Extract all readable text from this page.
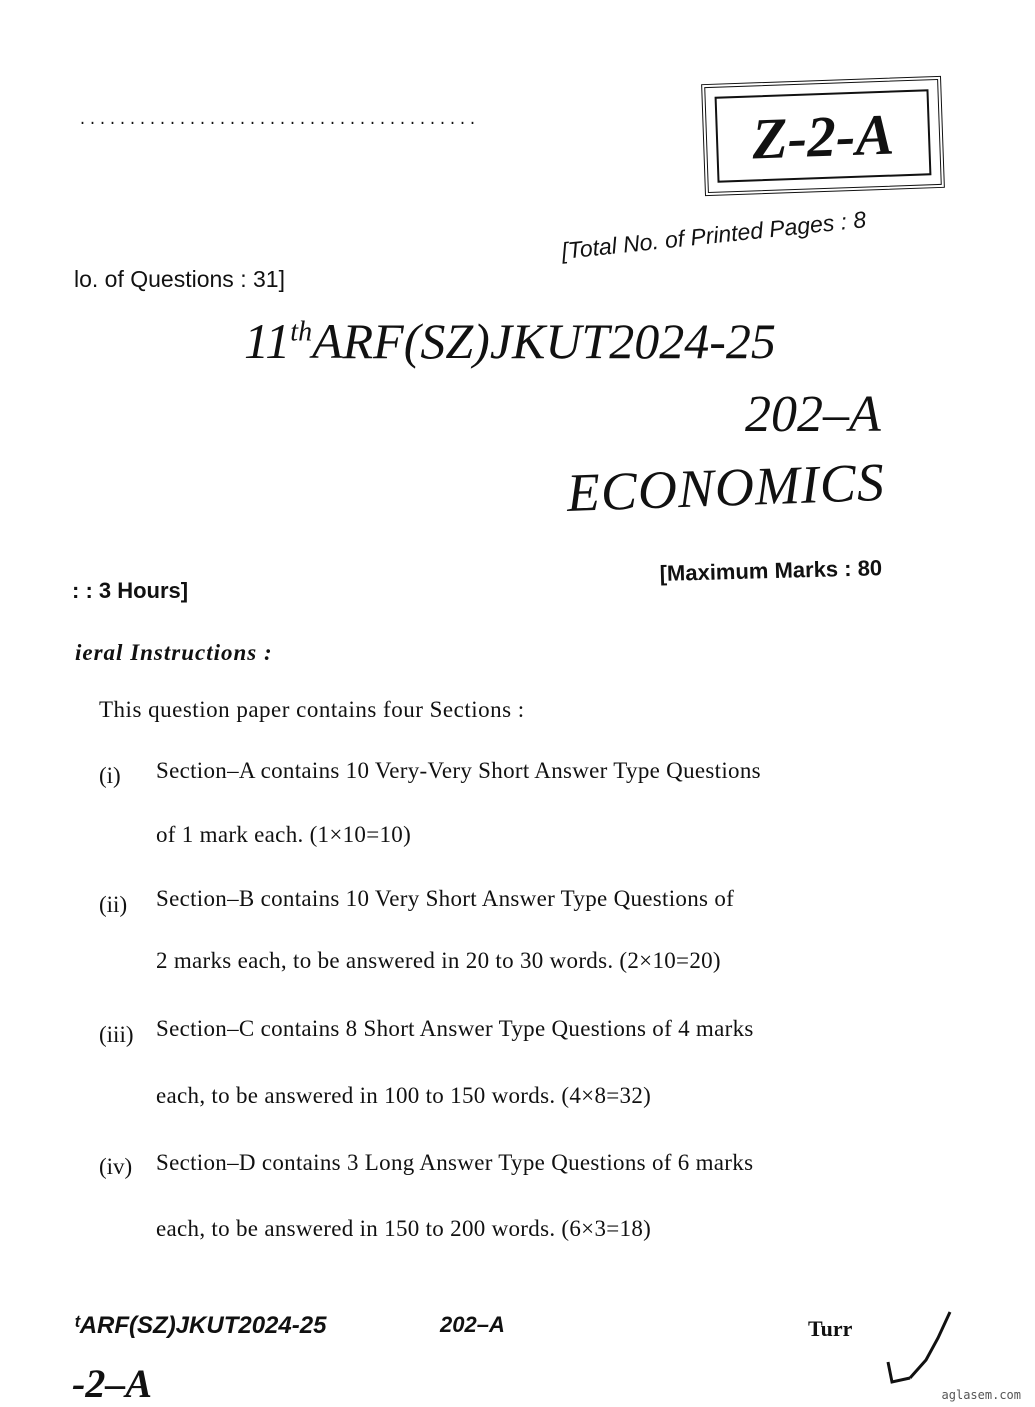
........................................	Z-2-A
lo. of Questions : 31]
[Total No. of Printed Pages : 8
11thARF(SZ)JKUT2024-25
202–A
ECONOMICS
: : 3 Hours]
[Maximum Marks : 80
ieral Instructions :
This question paper contains four Sections :
(i) Section–A contains 10 Very-Very Short Answer Type Questions
of 1 mark each. (1×10=10)
(ii) Section–B contains 10 Very Short Answer Type Questions of
2 marks each, to be answered in 20 to 30 words. (2×10=20)
(iii) Section–C contains 8 Short Answer Type Questions of 4 marks
each, to be answered in 100 to 150 words. (4×8=32)
(iv) Section–D contains 3 Long Answer Type Questions of 6 marks
each, to be answered in 150 to 200 words. (6×3=18)
ᵗARF(SZ)JKUT2024-25	202–A	Turr
-2–A	aglasem.com
